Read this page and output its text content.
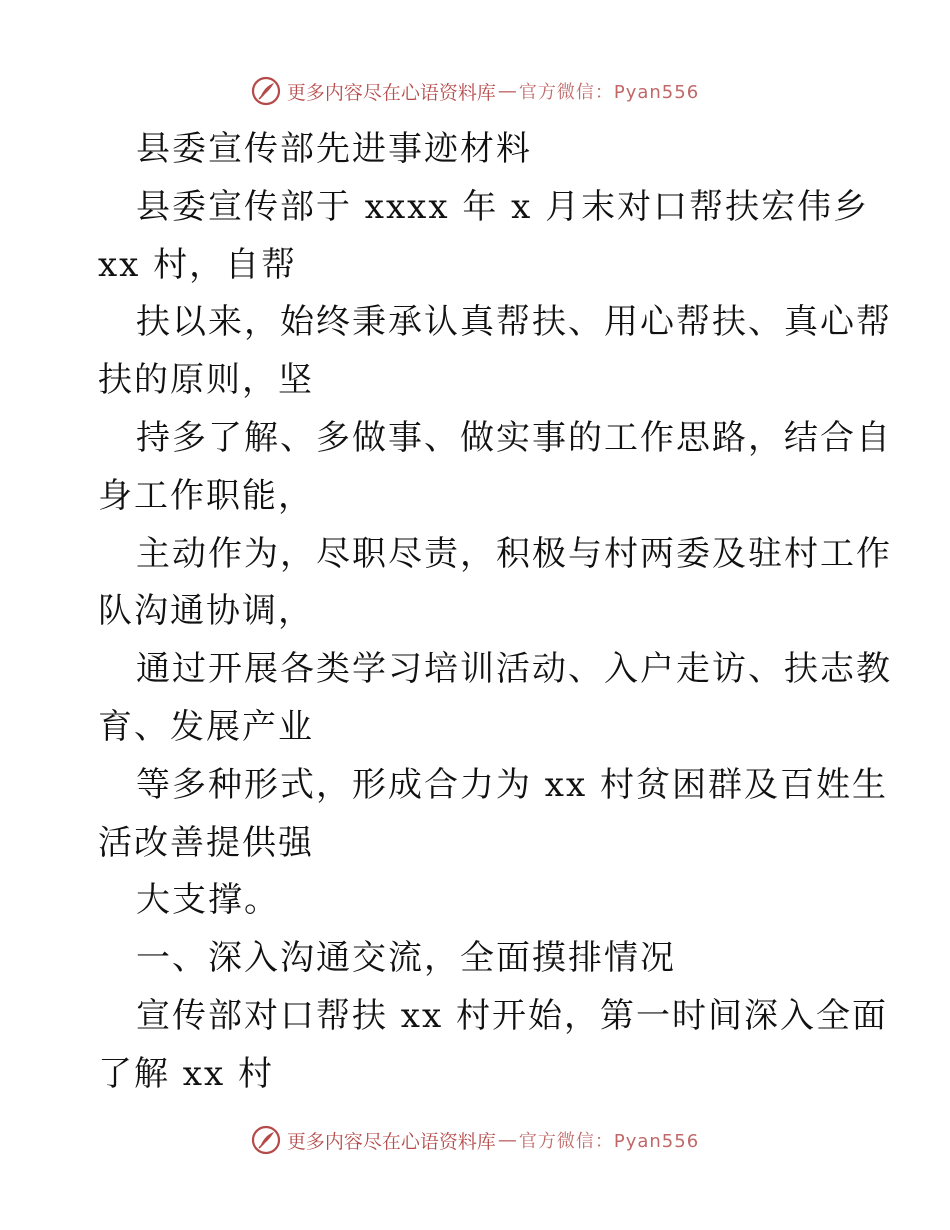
更多内容尽在心语资料库 — 官方微信：Pyan556
县委宣传部先进事迹材料
县委宣传部于 xxxx 年 x 月末对口帮扶宏伟乡
xx 村，自帮
扶以来，始终秉承认真帮扶、用心帮扶、真心帮
扶的原则，坚
持多了解、多做事、做实事的工作思路，结合自
身工作职能，
主动作为，尽职尽责，积极与村两委及驻村工作
队沟通协调，
通过开展各类学习培训活动、入户走访、扶志教
育、发展产业
等多种形式，形成合力为 xx 村贫困群及百姓生
活改善提供强
大支撑。
一、深入沟通交流，全面摸排情况
宣传部对口帮扶 xx 村开始，第一时间深入全面
了解 xx 村
更多内容尽在心语资料库 — 官方微信：Pyan556
